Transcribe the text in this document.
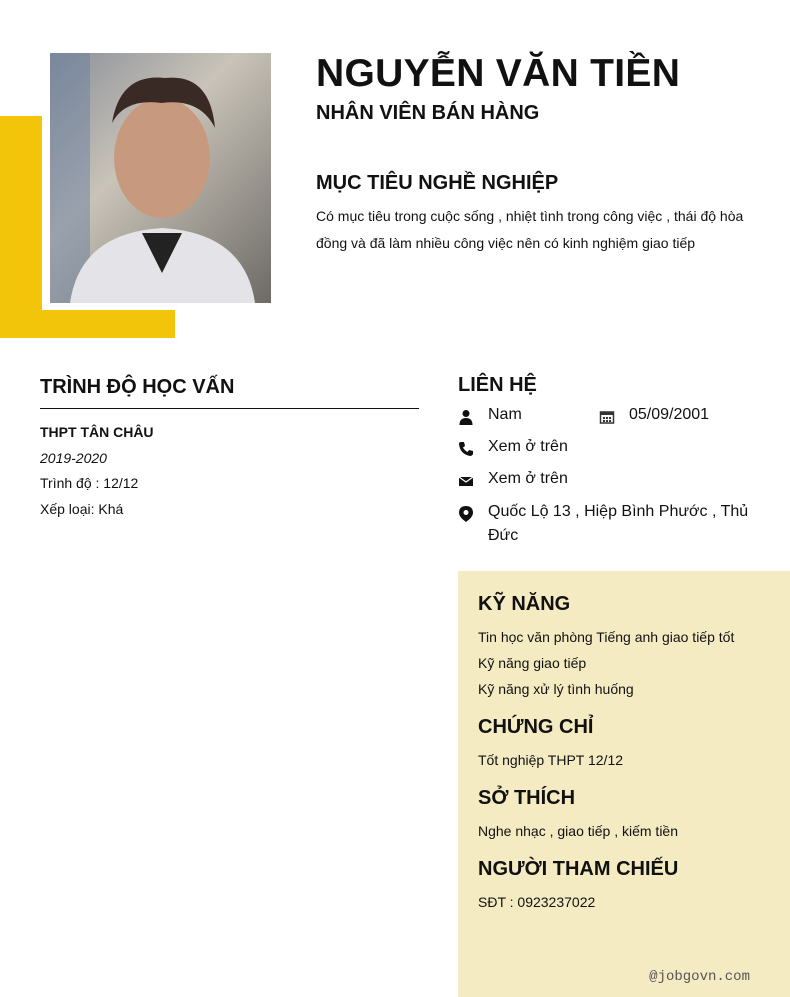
NGUYỄN VĂN TIỀN
NHÂN VIÊN BÁN HÀNG
MỤC TIÊU NGHỀ NGHIỆP
Có mục tiêu trong cuộc sống , nhiệt tình trong công việc , thái độ hòa đồng và đã làm nhiều công việc nên có kinh nghiệm giao tiếp
TRÌNH ĐỘ HỌC VẤN
THPT TÂN CHÂU
2019-2020
Trình độ : 12/12
Xếp loại: Khá
LIÊN HỆ
Nam	05/09/2001
Xem ở trên
Xem ở trên
Quốc Lộ 13 , Hiệp Bình Phước , Thủ Đức
KỸ NĂNG
Tin học văn phòng Tiếng anh giao tiếp tốt
Kỹ năng giao tiếp
Kỹ năng xử lý tình huống
CHỨNG CHỈ
Tốt nghiệp THPT 12/12
SỞ THÍCH
Nghe nhạc , giao tiếp , kiếm tiền
NGƯỜI THAM CHIẾU
SĐT : 0923237022
@jobgovn.com
